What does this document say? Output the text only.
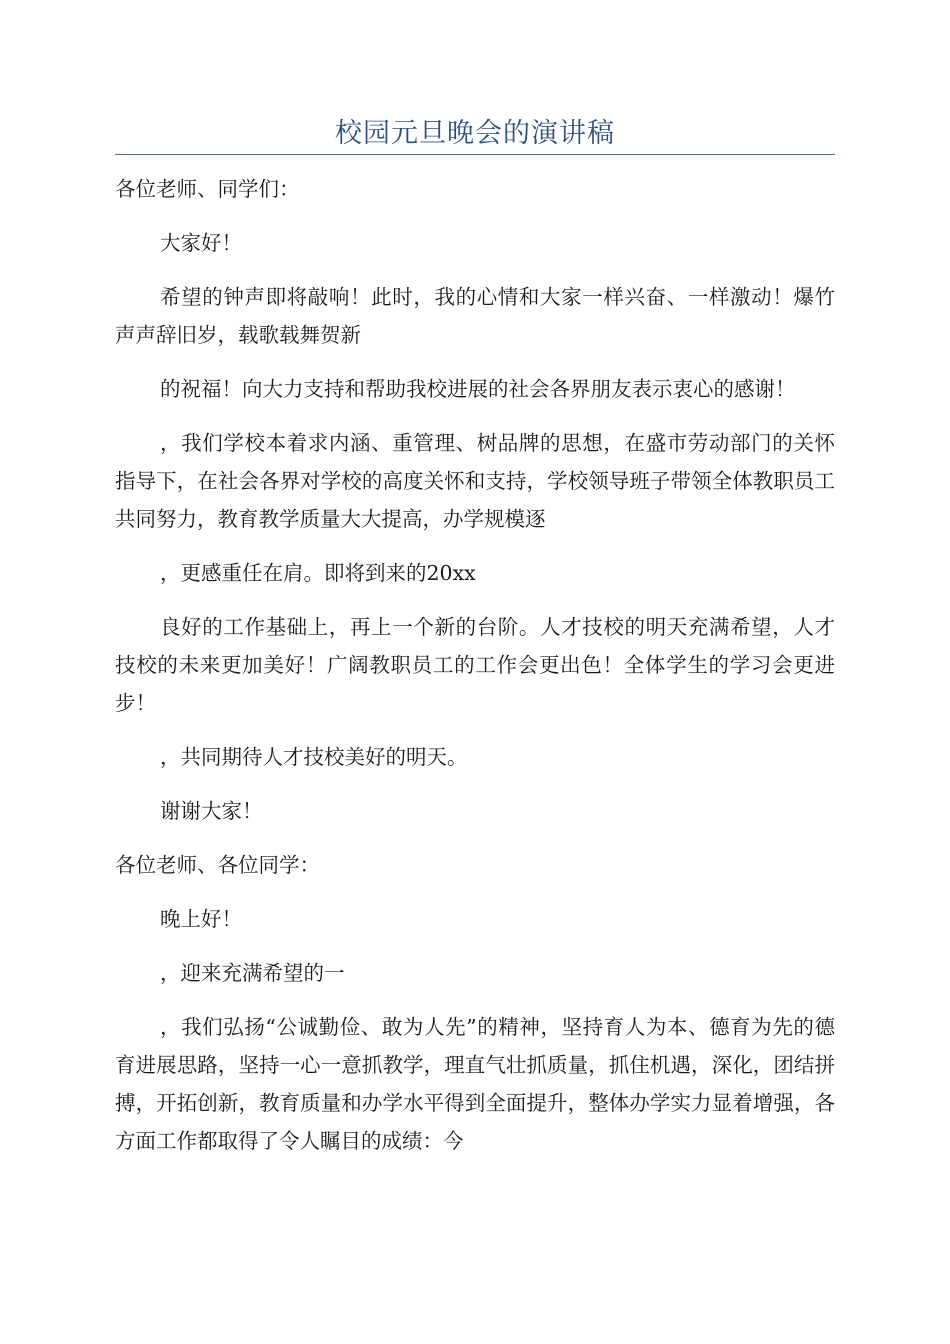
校园元旦晚会的演讲稿

各位老师、同学们：

大家好！

希望的钟声即将敲响！此时，我的心情和大家一样兴奋、一样激动！爆竹声声辞旧岁，载歌载舞贺新

的祝福！向大力支持和帮助我校进展的社会各界朋友表示衷心的感谢！

，我们学校本着求内涵、重管理、树品牌的思想，在盛市劳动部门的关怀指导下，在社会各界对学校的高度关怀和支持，学校领导班子带领全体教职员工共同努力，教育教学质量大大提高，办学规模逐

，更感重任在肩。即将到来的20xx

良好的工作基础上，再上一个新的台阶。人才技校的明天充满希望，人才技校的未来更加美好！广阔教职员工的工作会更出色！全体学生的学习会更进步！

，共同期待人才技校美好的明天。

谢谢大家！

各位老师、各位同学：

晚上好！

，迎来充满希望的一

，我们弘扬“公诚勤俭、敢为人先”的精神，坚持育人为本、德育为先的德育进展思路，坚持一心一意抓教学，理直气壮抓质量，抓住机遇，深化，团结拼搏，开拓创新，教育质量和办学水平得到全面提升，整体办学实力显着增强，各方面工作都取得了令人瞩目的成绩：今
